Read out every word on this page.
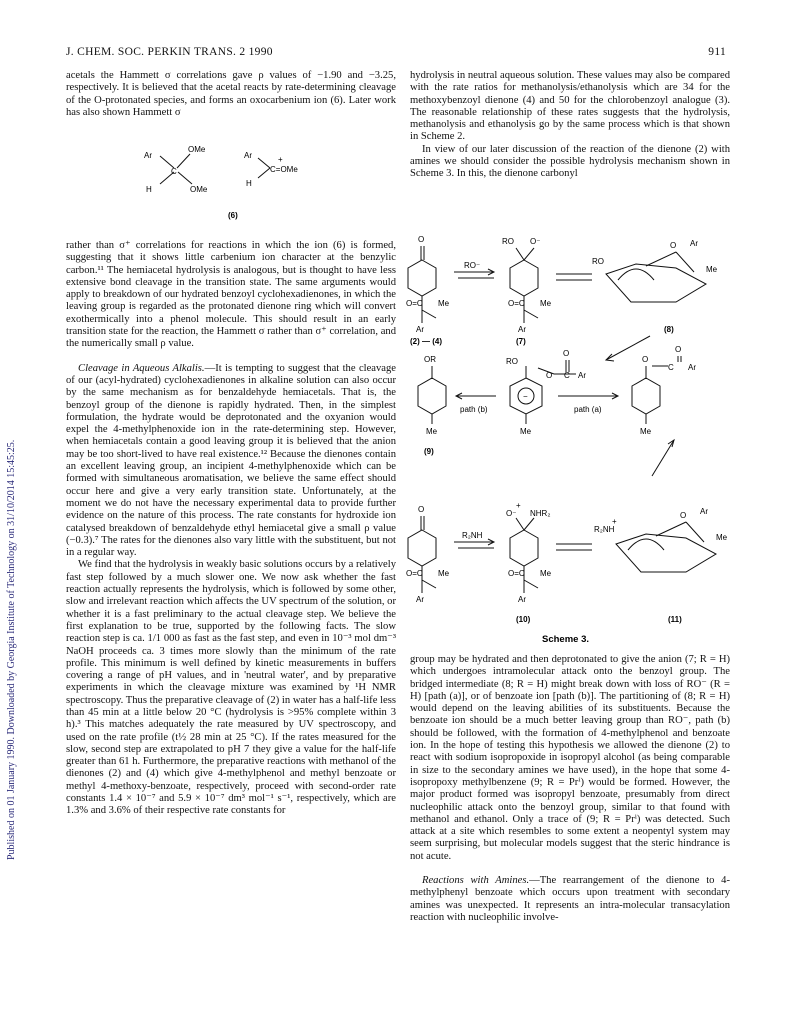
J. CHEM. SOC. PERKIN TRANS. 2 1990	911
Published on 01 January 1990. Downloaded by Georgia Institute of Technology on 31/10/2014 15:45:25.

acetals the Hammett σ correlations gave ρ values of −1.90 and −3.25, respectively. It is believed that the acetal reacts by rate-determining cleavage of the O-protonated species, and forms an oxocarbenium ion (6). Later work has also shown Hammett σ

Ar
OMe
C
H	OMe
Ar	+
C=OMe
H
(6)

rather than σ⁺ correlations for reactions in which the ion (6) is formed, suggesting that it shows little carbenium ion character at the benzylic carbon.¹¹ The hemiacetal hydrolysis is analogous, but is thought to have less extensive bond cleavage in the transition state. The same arguments would apply to breakdown of our hydrated benzoyl cyclohexadienones, in which the leaving group is regarded as the protonated dienone ring which will convert exothermically into a phenol molecule. This should result in an early transition state for the reaction, the Hammett σ rather than σ⁺ correlation, and the numerically small ρ value.

Cleavage in Aqueous Alkalis.—It is tempting to suggest that the cleavage of our (acyl-hydrated) cyclohexadienones in alkaline solution can also occur by the same mechanism as for benzaldehyde hemiacetals. That is, the benzoyl group of the dienone is rapidly hydrated. Then, in the simplest formulation, the hydrate would be deprotonated and the oxyanion would expel the 4-methylphenoxide ion in the rate-determining step. However, when hemiacetals contain a good leaving group it is believed that the anion may be too short-lived to have real existence.¹² Because the dienones contain an excellent leaving group, an incipient 4-methylphenoxide which can be formed with simultaneous aromatisation, we believe the same effect should occur here and give a very early transition state. Unfortunately, at the moment we do not have the necessary experimental data to provide further evidence on the nature of this process. The rate constants for hydroxide ion catalysed breakdown of benzaldehyde ethyl hemiacetal give a small ρ value (−0.3).⁷ The rates for the dienones also vary little with the substituent, but not in a regular way.

We find that the hydrolysis in weakly basic solutions occurs by a relatively fast step followed by a much slower one. We now ask whether the fast reaction actually represents the hydrolysis, which is followed by some other, slow and irrelevant reaction which affects the UV spectrum of the solution, or whether it is a fast preliminary to the actual cleavage step. We believe the first explanation to be true, supported by the following facts. The slow reaction step is ca. 1/1 000 as fast as the fast step, and even in 10⁻³ mol dm⁻³ NaOH proceeds ca. 3 times more slowly than the minimum of the rate profile. This minimum is well defined by kinetic measurements in buffers covering a range of pH values, and in 'neutral water', and by preparative experiments in which the cleavage mixture was examined by ¹H NMR spectroscopy. Thus the preparative cleavage of (2) in water has a half-life less than 45 min at a little below 20 °C (hydrolysis is >95% complete within 3 h).³ This matches adequately the rate measured by UV spectroscopy, and used on the rate profile (t½ 28 min at 25 °C). If the rates measured for the slow, second step are extrapolated to pH 7 they give a value for the half-life greater than 61 h. Furthermore, the preparative reactions with methanol of the dienones (2) and (4) which give 4-methylphenol and methyl benzoate or methyl 4-methoxy-benzoate, respectively, proceed with second-order rate constants 1.4 × 10⁻⁷ and 5.9 × 10⁻⁷ dm³ mol⁻¹ s⁻¹, respectively, which are 1.3% and 3.6% of their respective rate constants for

hydrolysis in neutral aqueous solution. These values may also be compared with the rate ratios for methanolysis/ethanolysis which are 34 for the methoxybenzoyl dienone (4) and 50 for the chlorobenzoyl analogue (3). The reasonable relationship of these rates suggests that the hydrolysis, methanolysis and ethanolysis go by the same process which is that shown in Scheme 2.

In view of our later discussion of the reaction of the dienone (2) with amines we should consider the possible hydrolysis mechanism shown in Scheme 3. In this, the dienone carbonyl

O
O=C Me
Ar
RO⁻
RO O⁻
O=C Me
Ar
RO
O Ar
Me
(2) — (4)	(7)
(8)
OR
Me
(9)
RO
O
O
C Ar
−
Me
path (b)	path (a)
O
C
O
Ar
Me
O
O=C Me
Ar
R₂NH
+
O⁻ NHR₂
O=C Me
Ar
R₂NH
+
O Ar
Me
(10)	(11)
Scheme 3.

group may be hydrated and then deprotonated to give the anion (7; R = H) which undergoes intramolecular attack onto the benzoyl group. The bridged intermediate (8; R = H) might break down with loss of RO⁻ (R = H) [path (a)], or of benzoate ion [path (b)]. The partitioning of (8; R = H) would depend on the leaving abilities of its substituents. Because the benzoate ion should be a much better leaving group than RO⁻, path (b) should be followed, with the formation of 4-methylphenol and benzoate ion. In the hope of testing this hypothesis we allowed the dienone (2) to react with sodium isopropoxide in isopropyl alcohol (as being comparable in size to the secondary amines we have used), in the hope that some 4-isopropoxy methylbenzene (9; R = Prⁱ) would be formed. However, the major product formed was isopropyl benzoate, presumably from direct nucleophilic attack onto the benzoyl group, similar to that found with methanol and ethanol. Only a trace of (9; R = Prⁱ) was detected. Such attack at a site which resembles to some extent a neopentyl system may seem surprising, but molecular models suggest that the steric hindrance is not acute.

Reactions with Amines.—The rearrangement of the dienone to 4-methylphenyl benzoate which occurs upon treatment with secondary amines was unexpected. It represents an intra-molecular transacylation reaction with nucleophilic involve-
